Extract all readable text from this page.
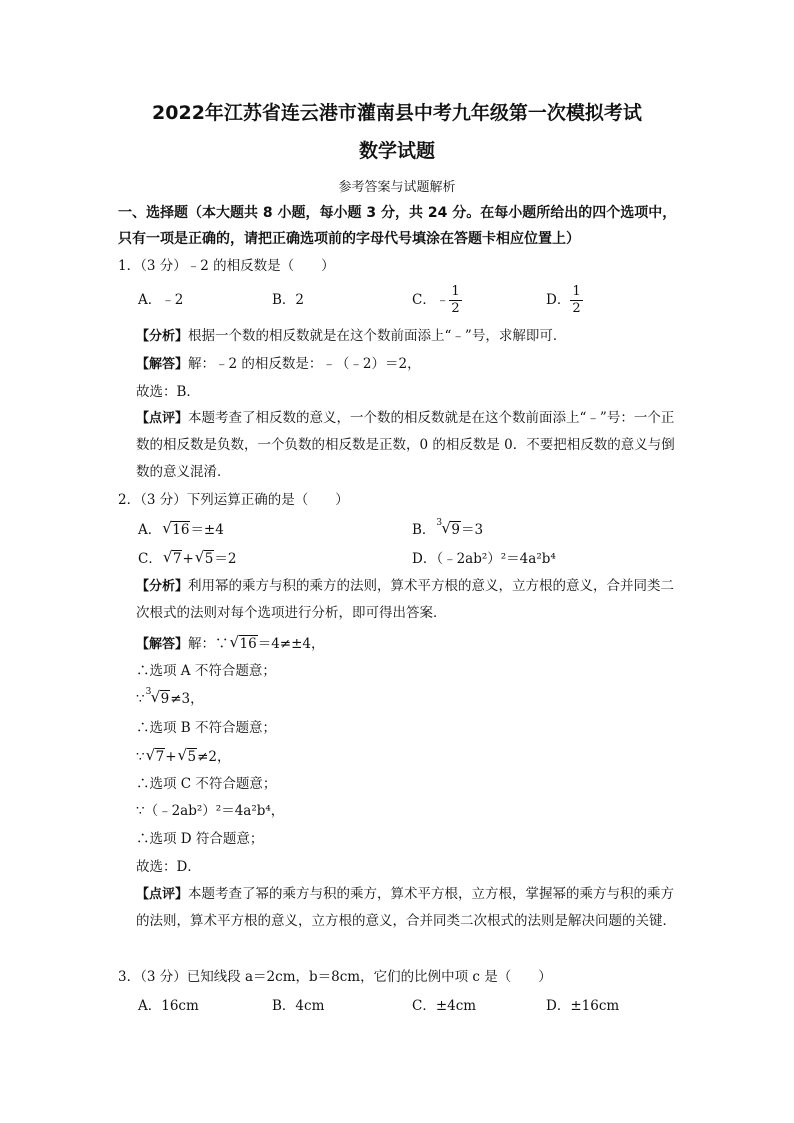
2022年江苏省连云港市灌南县中考九年级第一次模拟考试
数学试题
参考答案与试题解析
一、选择题（本大题共 8 小题，每小题 3 分，共 24 分。在每小题所给出的四个选项中，只有一项是正确的，请把正确选项前的字母代号填涂在答题卡相应位置上）
1．（3 分）﹣2 的相反数是（　　）
A．﹣2	B．2	C．﹣ $\frac{1}{2}$	D． $\frac{1}{2}$
【分析】根据一个数的相反数就是在这个数前面添上“﹣”号，求解即可．
【解答】解：﹣2 的相反数是：﹣（﹣2）＝2，
故选：B．
【点评】本题考查了相反数的意义，一个数的相反数就是在这个数前面添上“﹣”号：一个正数的相反数是负数，一个负数的相反数是正数，0 的相反数是 0．不要把相反数的意义与倒数的意义混淆．
2．（3 分）下列运算正确的是（　　）
A． √ 16＝±4	B． 3 √ 9＝3
C． √ 7+ √ 5＝2	D．（﹣2ab²）²＝4a²b⁴
【分析】利用幂的乘方与积的乘方的法则，算术平方根的意义，立方根的意义，合并同类二次根式的法则对每个选项进行分析，即可得出答案．
【解答】解：∵ √ 16＝4≠±4，
∴选项 A 不符合题意；
∵ 3 √ 9≠3，
∴选项 B 不符合题意；
∵ √ 7+ √ 5≠2，
∴选项 C 不符合题意；
∵（﹣2ab²）²＝4a²b⁴，
∴选项 D 符合题意；
故选：D．
【点评】本题考查了幂的乘方与积的乘方，算术平方根，立方根，掌握幂的乘方与积的乘方的法则，算术平方根的意义，立方根的意义，合并同类二次根式的法则是解决问题的关键．
3．（3 分）已知线段 a＝2cm，b＝8cm，它们的比例中项 c 是（　　）
A．16cm	B．4cm	C．±4cm	D．±16cm
